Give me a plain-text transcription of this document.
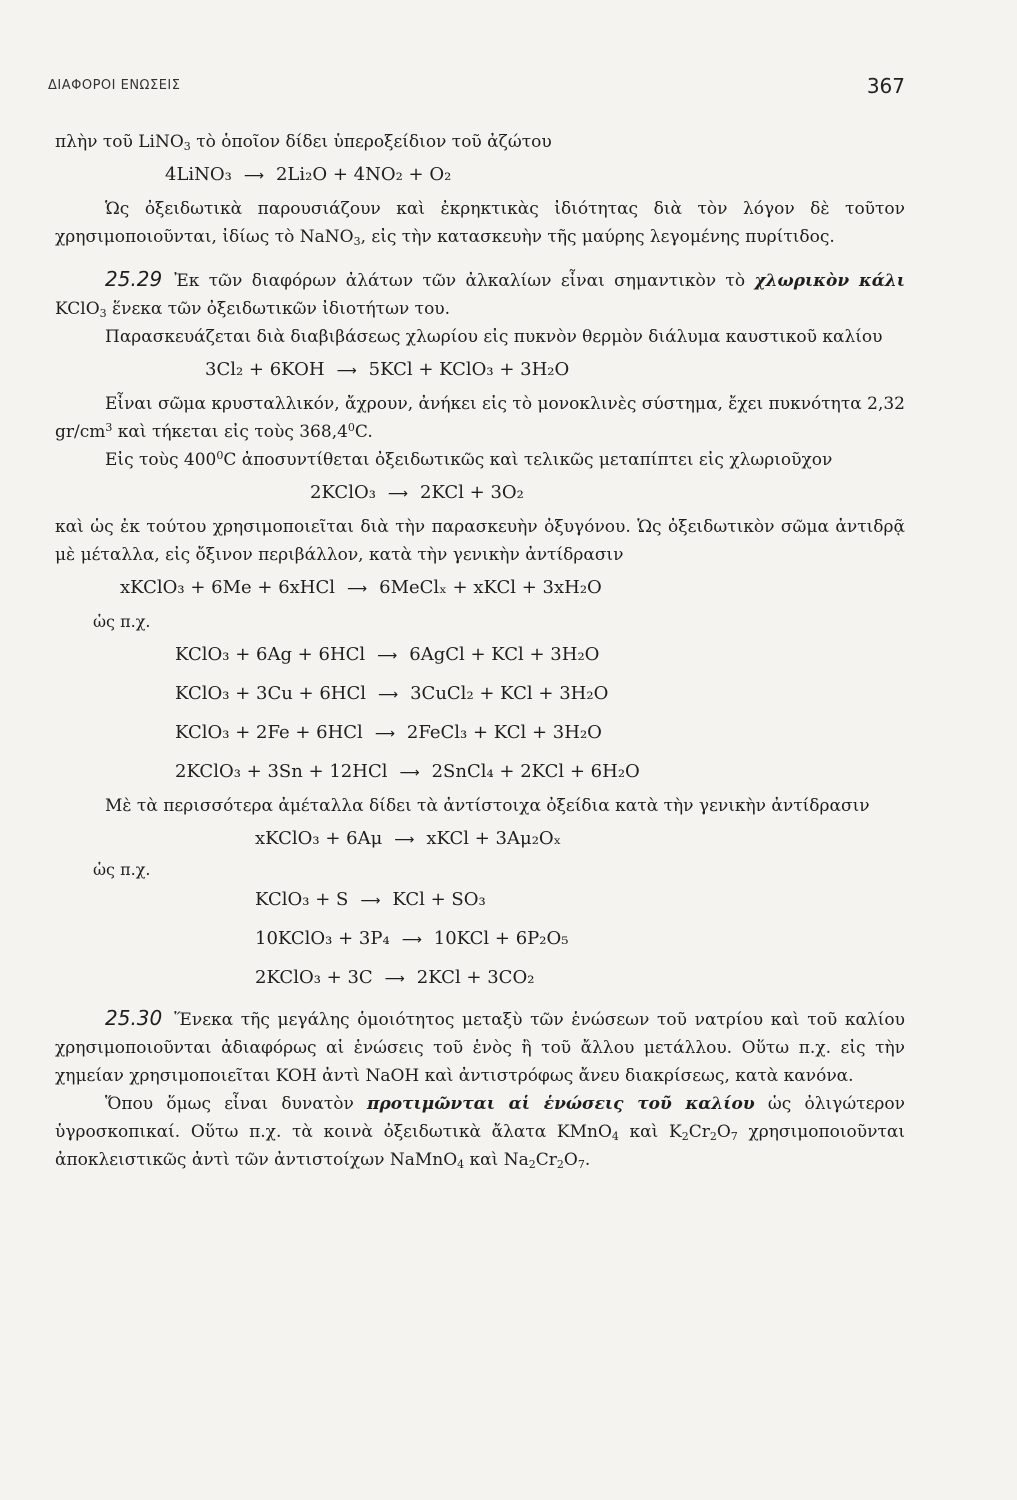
ΔΙΑΦΟΡΟΙ ΕΝΩΣΕΙΣ	367

πλὴν τοῦ LiNO$_3$ τὸ ὁποῖον δίδει ὑπεροξείδιον τοῦ ἀζώτου

4LiNO₃ ⟶ 2Li₂O + 4NO₂ + O₂

Ὡς ὀξειδωτικὰ παρουσιάζουν καὶ ἐκρηκτικὰς ἰδιότητας διὰ τὸν λόγον δὲ τοῦτον χρησιμοποιοῦνται, ἰδίως τὸ NaNO$_3$, εἰς τὴν κατασκευὴν τῆς μαύρης λεγομένης πυρίτιδος.

25.29 Ἐκ τῶν διαφόρων ἀλάτων τῶν ἀλκαλίων εἶναι σημαντικὸν τὸ χλωρικὸν κάλι KClO$_3$ ἕνεκα τῶν ὀξειδωτικῶν ἰδιοτήτων του.

Παρασκευάζεται διὰ διαβιβάσεως χλωρίου εἰς πυκνὸν θερμὸν διάλυμα καυστικοῦ καλίου

3Cl₂ + 6KOH ⟶ 5KCl + KClO₃ + 3H₂O

Εἶναι σῶμα κρυσταλλικόν, ἄχρουν, ἀνήκει εἰς τὸ μονοκλινὲς σύστημα, ἔχει πυκνότητα 2,32 $gr/cm^3$ καὶ τήκεται εἰς τοὺς 368,4$^0$C.

Εἰς τοὺς $400^0C$ ἀποσυντίθεται ὀξειδωτικῶς καὶ τελικῶς μεταπίπτει εἰς χλωριοῦχον

2KClO₃ ⟶ 2KCl + 3O₂

καὶ ὡς ἐκ τούτου χρησιμοποιεῖται διὰ τὴν παρασκευὴν ὀξυγόνου. Ὡς ὀξειδωτικὸν σῶμα ἀντιδρᾷ μὲ μέταλλα, εἰς ὄξινον περιβάλλον, κατὰ τὴν γενικὴν ἀντίδρασιν

xKClO₃ + 6Me + 6xHCl ⟶ 6MeClₓ + xKCl + 3xH₂O
ὡς π.χ.
KClO₃ + 6Ag + 6HCl ⟶ 6AgCl + KCl + 3H₂O
KClO₃ + 3Cu + 6HCl ⟶ 3CuCl₂ + KCl + 3H₂O
KClO₃ + 2Fe + 6HCl ⟶ 2FeCl₃ + KCl + 3H₂O
2KClO₃ + 3Sn + 12HCl ⟶ 2SnCl₄ + 2KCl + 6H₂O

Μὲ τὰ περισσότερα ἀμέταλλα δίδει τὰ ἀντίστοιχα ὀξείδια κατὰ τὴν γενικὴν ἀντίδρασιν

xKClO₃ + 6Aμ ⟶ xKCl + 3Aμ₂Oₓ
ὡς π.χ.
KClO₃ + S ⟶ KCl + SO₃
10KClO₃ + 3P₄ ⟶ 10KCl + 6P₂O₅
2KClO₃ + 3C ⟶ 2KCl + 3CO₂

25.30 Ἕνεκα τῆς μεγάλης ὁμοιότητος μεταξὺ τῶν ἑνώσεων τοῦ νατρίου καὶ τοῦ καλίου χρησιμοποιοῦνται ἀδιαφόρως αἱ ἑνώσεις τοῦ ἑνὸς ἢ τοῦ ἄλλου μετάλλου. Οὕτω π.χ. εἰς τὴν χημείαν χρησιμοποιεῖται KOH ἀντὶ NaOH καὶ ἀντιστρόφως ἄνευ διακρίσεως, κατὰ κανόνα.

Ὅπου ὅμως εἶναι δυνατὸν προτιμῶνται αἱ ἑνώσεις τοῦ καλίου ὡς ὀλιγώτερον ὑγροσκοπικαί. Οὕτω π.χ. τὰ κοινὰ ὀξειδωτικὰ ἄλατα KMnO$_4$ καὶ $K_2Cr_2O_7$ χρησιμοποιοῦνται ἀποκλειστικῶς ἀντὶ τῶν ἀντιστοίχων NaMnO$_4$ καὶ $Na_2Cr_2O_7$.
